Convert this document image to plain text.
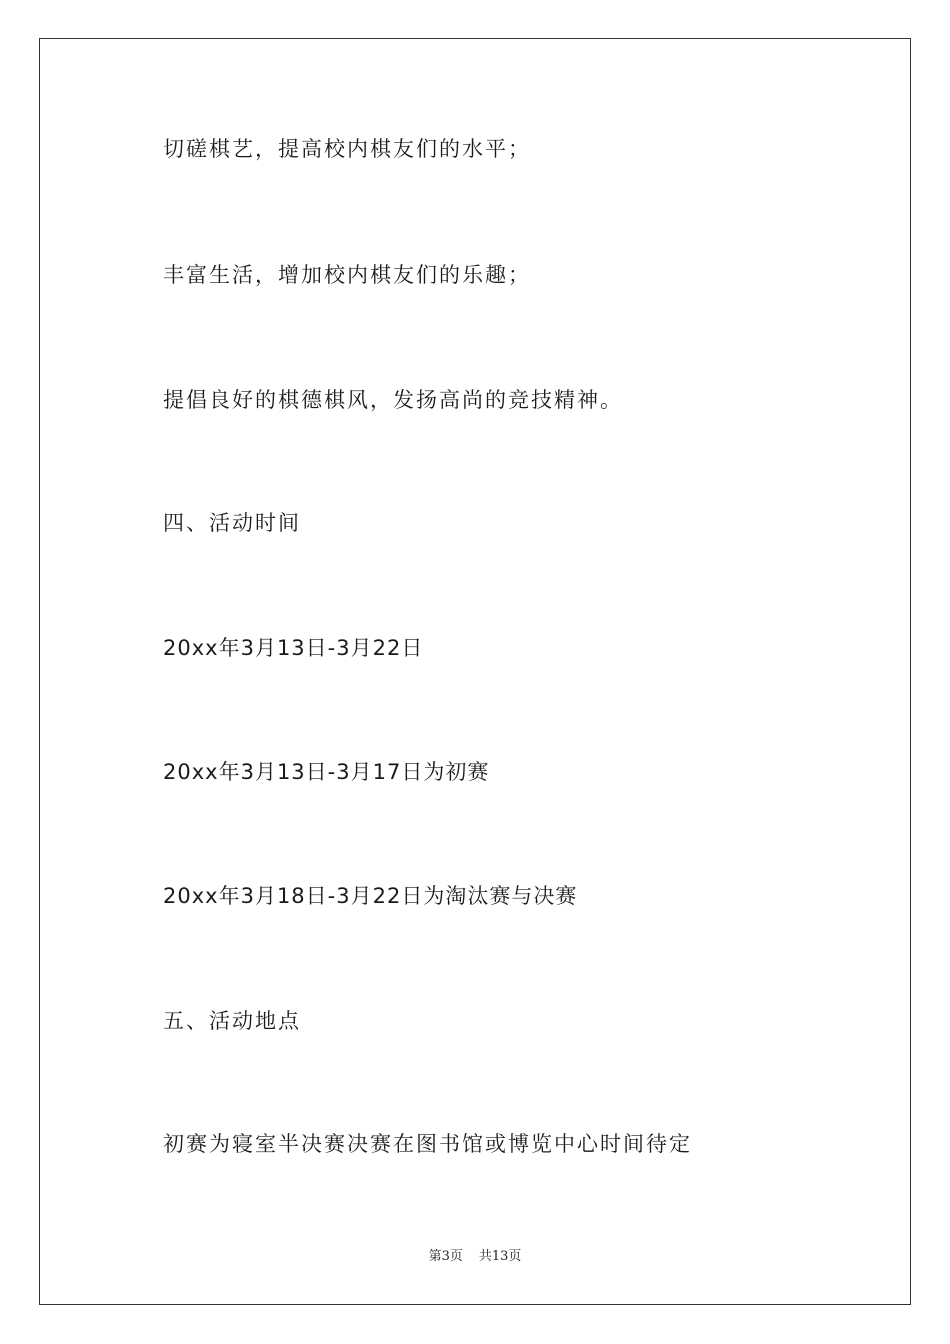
切磋棋艺，提高校内棋友们的水平；

丰富生活，增加校内棋友们的乐趣；

提倡良好的棋德棋风，发扬高尚的竞技精神。

四、活动时间

20xx年3月13日-3月22日

20xx年3月13日-3月17日为初赛

20xx年3月18日-3月22日为淘汰赛与决赛

五、活动地点

初赛为寝室半决赛决赛在图书馆或博览中心时间待定

第3页 共13页
